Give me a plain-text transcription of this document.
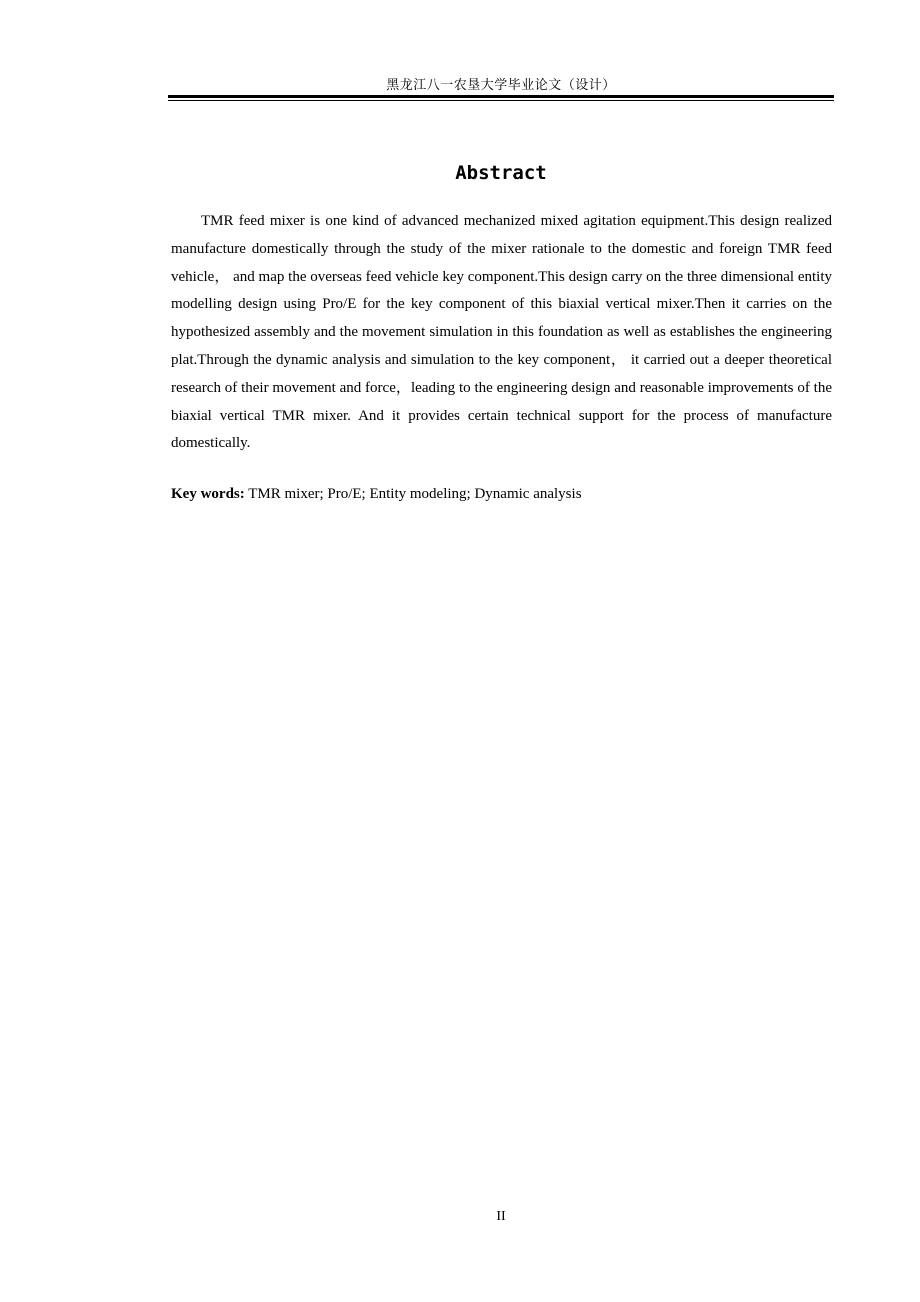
黑龙江八一农垦大学毕业论文（设计）
Abstract

TMR feed mixer is one kind of advanced mechanized mixed agitation equipment.This design realized manufacture domestically through the study of the mixer rationale to the domestic and foreign TMR feed vehicle， and map the overseas feed vehicle key component.This design carry on the three dimensional entity modelling design using Pro/E for the key component of this biaxial vertical mixer.Then it carries on the hypothesized assembly and the movement simulation in this foundation as well as establishes the engineering plat.Through the dynamic analysis and simulation to the key component， it carried out a deeper theoretical research of their movement and force，leading to the engineering design and reasonable improvements of the biaxial vertical TMR mixer. And it provides certain technical support for the process of manufacture domestically.

Key words: TMR mixer; Pro/E; Entity modeling; Dynamic analysis

II
